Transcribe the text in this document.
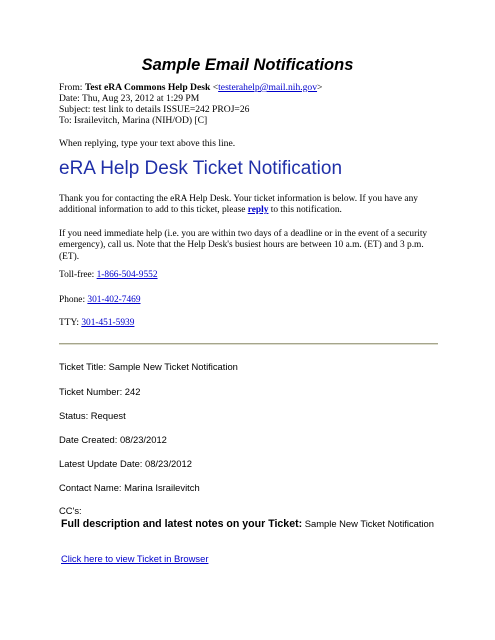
Sample Email Notifications
From: Test eRA Commons Help Desk <testerahelp@mail.nih.gov>
Date: Thu, Aug 23, 2012 at 1:29 PM
Subject: test link to details ISSUE=242 PROJ=26
To: Israilevitch, Marina (NIH/OD) [C]
When replying, type your text above this line.
eRA Help Desk Ticket Notification
Thank you for contacting the eRA Help Desk. Your ticket information is below. If you have any additional information to add to this ticket, please reply to this notification.
If you need immediate help (i.e. you are within two days of a deadline or in the event of a security emergency), call us. Note that the Help Desk's busiest hours are between 10 a.m. (ET) and 3 p.m. (ET).
Toll-free: 1-866-504-9552
Phone: 301-402-7469
TTY: 301-451-5939
Ticket Title: Sample New Ticket Notification
Ticket Number: 242
Status: Request
Date Created: 08/23/2012
Latest Update Date: 08/23/2012
Contact Name: Marina Israilevitch
CC's:
Full description and latest notes on your Ticket: Sample New Ticket Notification
Click here to view Ticket in Browser
